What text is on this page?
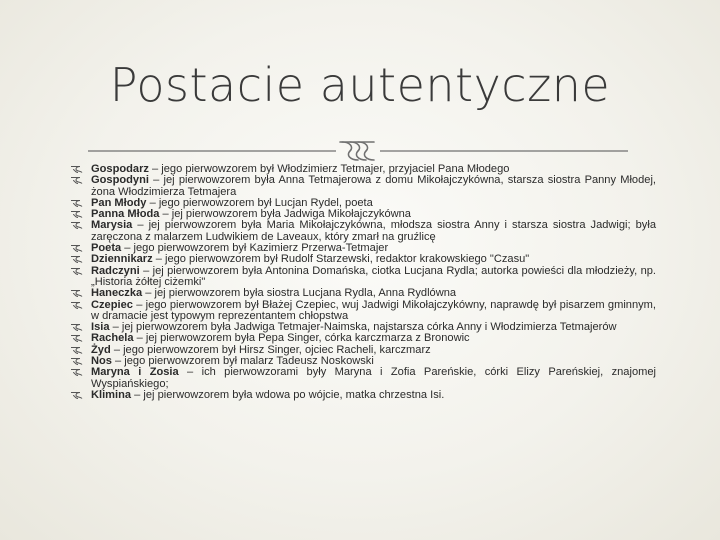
Postacie autentyczne
Gospodarz – jego pierwowzorem był Włodzimierz Tetmajer, przyjaciel Pana Młodego
Gospodyni – jej pierwowzorem była Anna Tetmajerowa z domu Mikołajczykówna, starsza siostra Panny Młodej, żona Włodzimierza Tetmajera
Pan Młody – jego pierwowzorem był Lucjan Rydel, poeta
Panna Młoda – jej pierwowzorem była Jadwiga Mikołajczykówna
Marysia – jej pierwowzorem była Maria Mikołajczykówna, młodsza siostra Anny i starsza siostra Jadwigi; była zaręczona z malarzem Ludwikiem de Laveaux, który zmarł na gruźlicę
Poeta – jego pierwowzorem był Kazimierz Przerwa-Tetmajer
Dziennikarz – jego pierwowzorem był Rudolf Starzewski, redaktor krakowskiego "Czasu"
Radczyni – jej pierwowzorem była Antonina Domańska, ciotka Lucjana Rydla; autorka powieści dla młodzieży, np. „Historia żółtej ciżemki"
Haneczka – jej pierwowzorem była siostra Lucjana Rydla, Anna Rydlówna
Czepiec – jego pierwowzorem był Błażej Czepiec, wuj Jadwigi Mikołajczykówny, naprawdę był pisarzem gminnym, w dramacie jest typowym reprezentantem chłopstwa
Isia – jej pierwowzorem była Jadwiga Tetmajer-Naimska, najstarsza córka Anny i Włodzimierza Tetmajerów
Rachela – jej pierwowzorem była Pepa Singer, córka karczmarza z Bronowic
Żyd – jego pierwowzorem był Hirsz Singer, ojciec Racheli, karczmarz
Nos – jego pierwowzorem był malarz Tadeusz Noskowski
Maryna i Zosia – ich pierwowzorami były Maryna i Zofia Pareńskie, córki Elizy Pareńskiej, znajomej Wyspiańskiego;
Klimina – jej pierwowzorem była wdowa po wójcie, matka chrzestna Isi.
